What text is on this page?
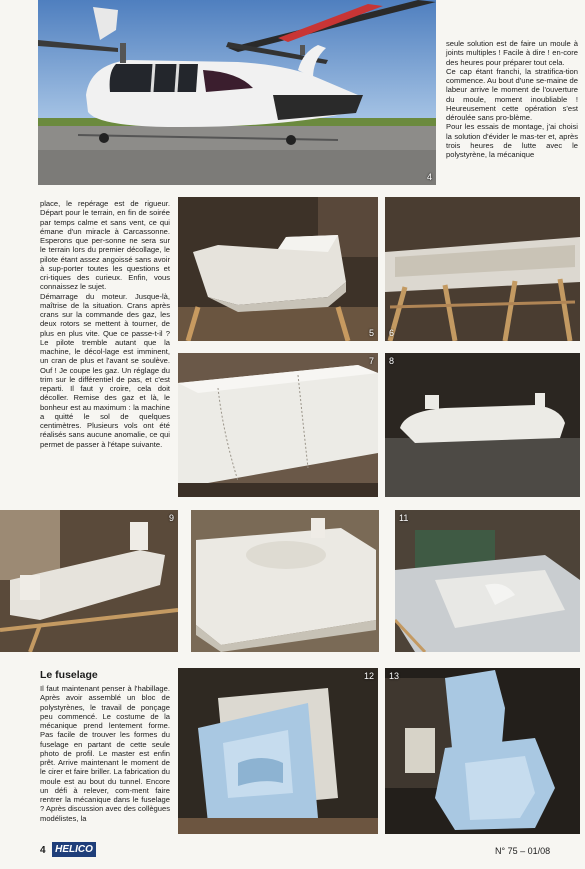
4
5 6
7 8
9	11
12 13

seule solution est de faire un moule à joints multiples ! Facile à dire ! en-core des heures pour préparer tout cela.

Ce cap étant franchi, la stratifica-tion commence. Au bout d'une se-maine de labeur arrive le moment de l'ouverture du moule, moment inoubliable ! Heureusement cette opération s'est déroulée sans pro-blème.

Pour les essais de montage, j'ai choisi la solution d'évider le mas-ter et, après trois heures de lutte avec le polystyrène, la mécanique

place, le repérage est de rigueur. Départ pour le terrain, en fin de soirée par temps calme et sans vent, ce qui émane d'un miracle à Carcassonne. Esperons que per-sonne ne sera sur le terrain lors du premier décollage, le pilote étant assez angoissé sans avoir à sup-porter toutes les questions et cri-tiques des curieux. Enfin, vous connaissez le sujet.

Démarrage du moteur. Jusque-là, maîtrise de la situation. Crans après crans sur la commande des gaz, les deux rotors se mettent à tourner, de plus en plus vite. Que ce passe-t-il ? Le pilote tremble autant que la machine, le décol-lage est imminent, un cran de plus et l'avant se soulève. Ouf ! Je coupe les gaz. Un réglage du trim sur le différentiel de pas, et c'est reparti. Il faut y croire, cela doit décoller. Remise des gaz et là, le bonheur est au maximum : la machine a quitté le sol de quelques centimètres. Plusieurs vols ont été réalisés sans aucune anomalie, ce qui permet de passer à l'étape suivante.

Le fuselage

Il faut maintenant penser à l'habillage. Après avoir assemblé un bloc de polystyrènes, le travail de ponçage peu commencé. Le costume de la mécanique prend lentement forme. Pas facile de trouver les formes du fuselage en partant de cette seule photo de profil. Le master est enfin prêt. Arrive maintenant le moment de le cirer et faire briller. La fabrication du moule est au bout du tunnel. Encore un défi à relever, com-ment faire rentrer la mécanique dans le fuselage ? Après discussion avec des collègues modélistes, la

4 HELICO	N° 75 – 01/08
